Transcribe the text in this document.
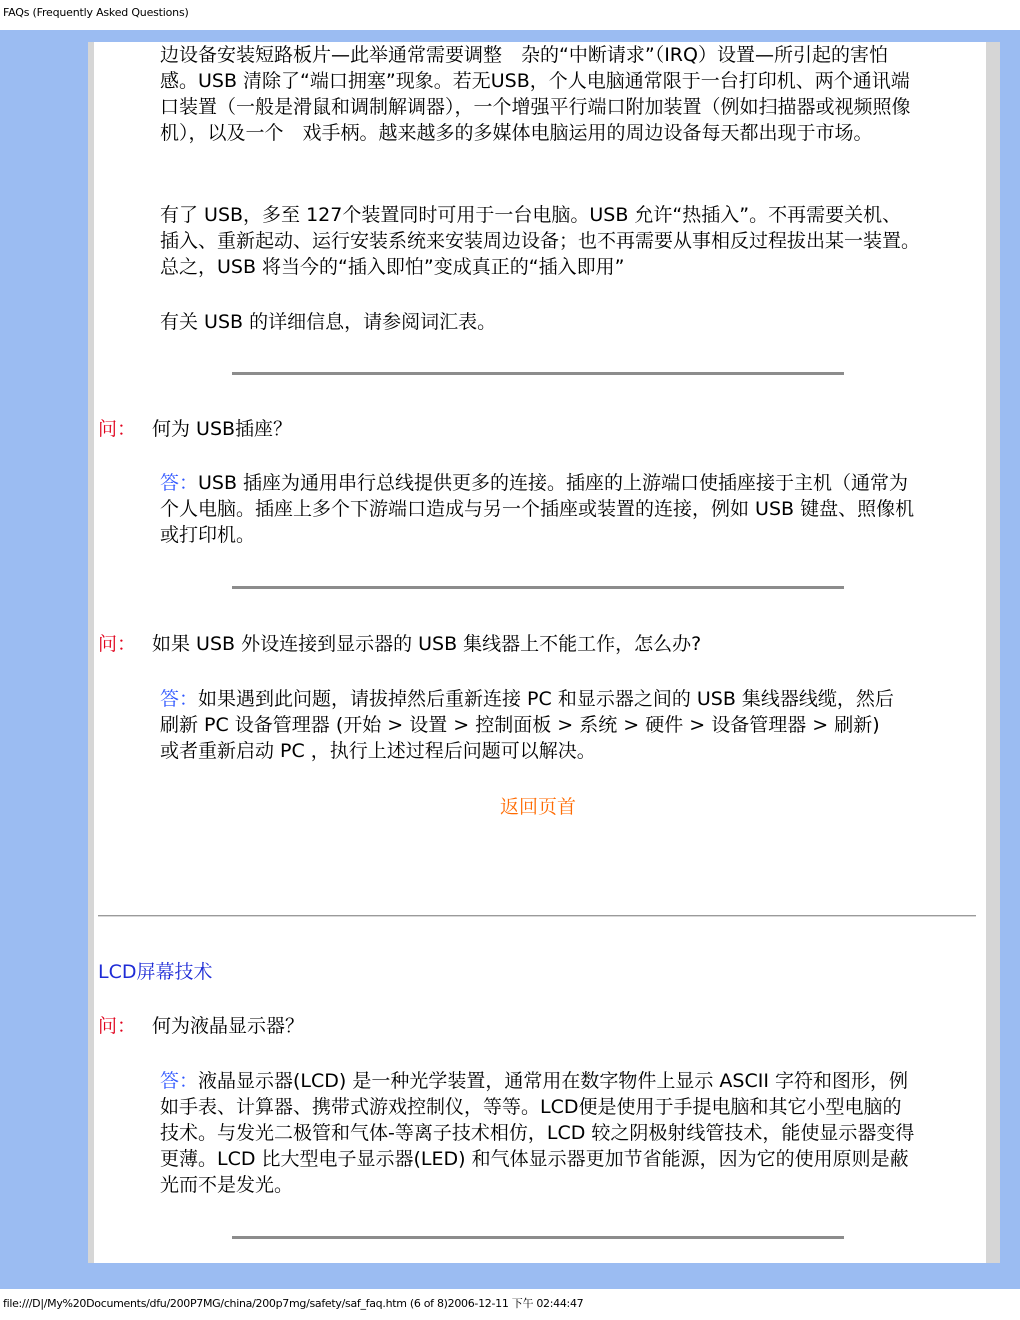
FAQs (Frequently Asked Questions)

边设备安装短路板片—此举通常需要调整　杂的“中断请求”（IRQ）设置—所引起的害怕感。USB 清除了“端口拥塞”现象。若无USB，个人电脑通常限于一台打印机、两个通讯端口装置（一般是滑鼠和调制解调器），一个增强平行端口附加装置（例如扫描器或视频照像机），以及一个　戏手柄。越来越多的多媒体电脑运用的周边设备每天都出现于市场。

有了 USB，多至 127个装置同时可用于一台电脑。USB 允许“热插入”。不再需要关机、插入、重新起动、运行安装系统来安装周边设备；也不再需要从事相反过程拔出某一装置。总之，USB 将当今的“插入即怕”变成真正的“插入即用”

有关 USB 的详细信息，请参阅词汇表。

问： 何为 USB插座？

答：USB 插座为通用串行总线提供更多的连接。插座的上游端口使插座接于主机（通常为个人电脑。插座上多个下游端口造成与另一个插座或装置的连接，例如 USB 键盘、照像机或打印机。

问： 如果 USB 外设连接到显示器的 USB 集线器上不能工作，怎么办?

答：如果遇到此问题，请拔掉然后重新连接 PC 和显示器之间的 USB 集线器线缆，然后刷新 PC 设备管理器 (开始 > 设置 > 控制面板 > 系统 > 硬件 > 设备管理器 > 刷新) 或者重新启动 PC ，执行上述过程后问题可以解决。

返回页首
LCD屏幕技术

问： 何为液晶显示器？

答：液晶显示器(LCD) 是一种光学装置，通常用在数字物件上显示 ASCII 字符和图形，例如手表、计算器、携带式游戏控制仪，等等。LCD便是使用于手提电脑和其它小型电脑的技术。与发光二极管和气体-等离子技术相仿，LCD 较之阴极射线管技术，能使显示器变得更薄。LCD 比大型电子显示器(LED) 和气体显示器更加节省能源，因为它的使用原则是蔽光而不是发光。

file:///D|/My%20Documents/dfu/200P7MG/china/200p7mg/safety/saf_faq.htm (6 of 8)2006-12-11 下午 02:44:47
